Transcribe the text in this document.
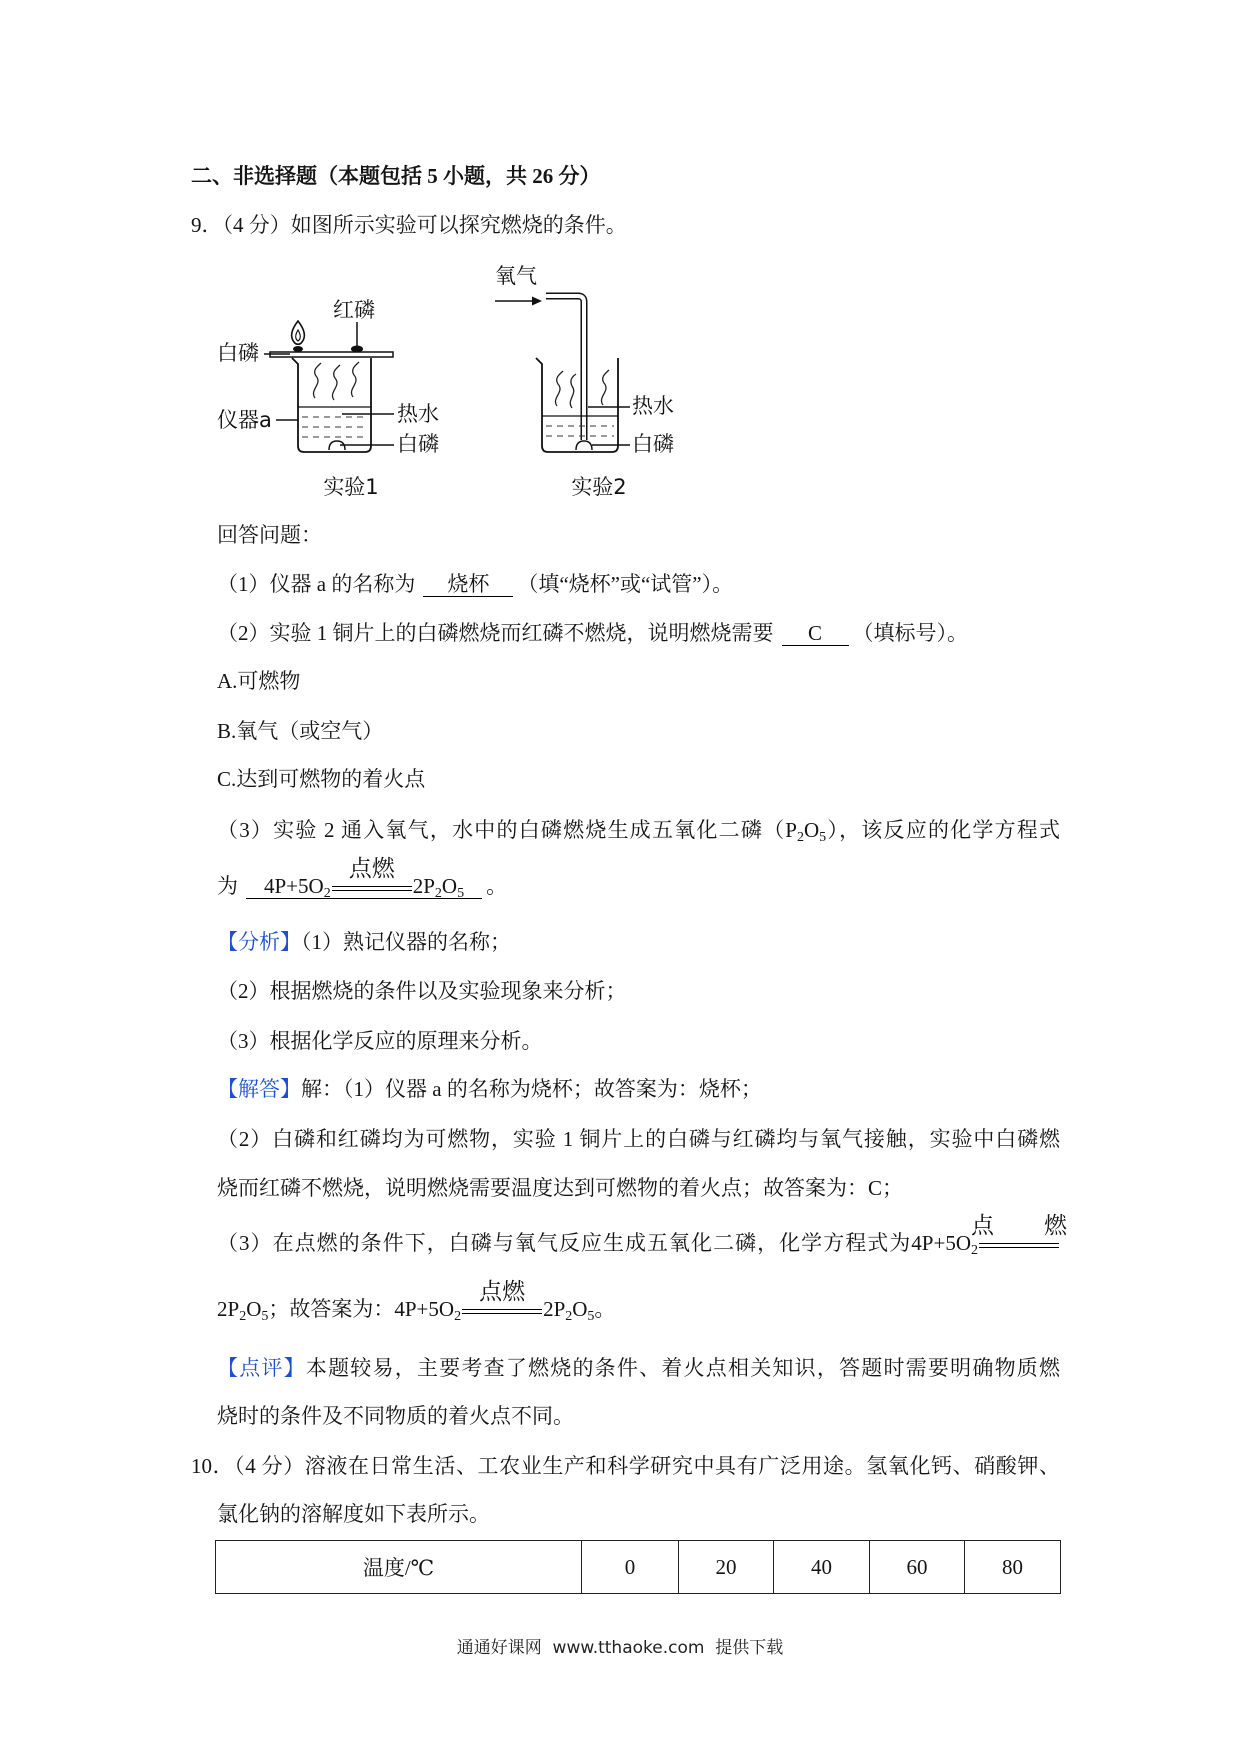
二、非选择题（本题包括 5 小题，共 26 分）
9．（4 分）如图所示实验可以探究燃烧的条件。
红磷
白磷
仪器a	热水
白磷
实验1
氧气
热水
白磷
实验2
回答问题：
（1）仪器 a 的名称为 烧杯 （填“烧杯”或“试管”）。
（2）实验 1 铜片上的白磷燃烧而红磷不燃烧，说明燃烧需要 C （填标号）。
A.可燃物
B.氧气（或空气）
C.达到可燃物的着火点
（3）实验 2 通入氧气，水中的白磷燃烧生成五氧化二磷$(P_2O_5)$，该反应的化学方程式
为 $4P+5O_2$
点燃
$2P_2O_5$ 。
【分析】（1）熟记仪器的名称；
（2）根据燃烧的条件以及实验现象来分析；
（3）根据化学反应的原理来分析。
【解答】解：（1）仪器 a 的名称为烧杯；故答案为：烧杯；
（2）白磷和红磷均为可燃物，实验 1 铜片上的白磷与红磷均与氧气接触，实验中白磷燃
烧而红磷不燃烧，说明燃烧需要温度达到可燃物的着火点；故答案为：C；
（3）在点燃的条件下，白磷与氧气反应生成五氧化二磷，化学方程式为$4P+5O_2$
点燃
$2P_2O_5$；故答案为：$4P+5O_2$
点燃
$2P_2O_5$。
【点评】本题较易，主要考查了燃烧的条件、着火点相关知识，答题时需要明确物质燃
烧时的条件及不同物质的着火点不同。
10．（4 分）溶液在日常生活、工农业生产和科学研究中具有广泛用途。氢氧化钙、硝酸钾、
氯化钠的溶解度如下表所示。
温度/℃	0	20	40	60	80
通通好课网  www.tthaoke.com  提供下载
